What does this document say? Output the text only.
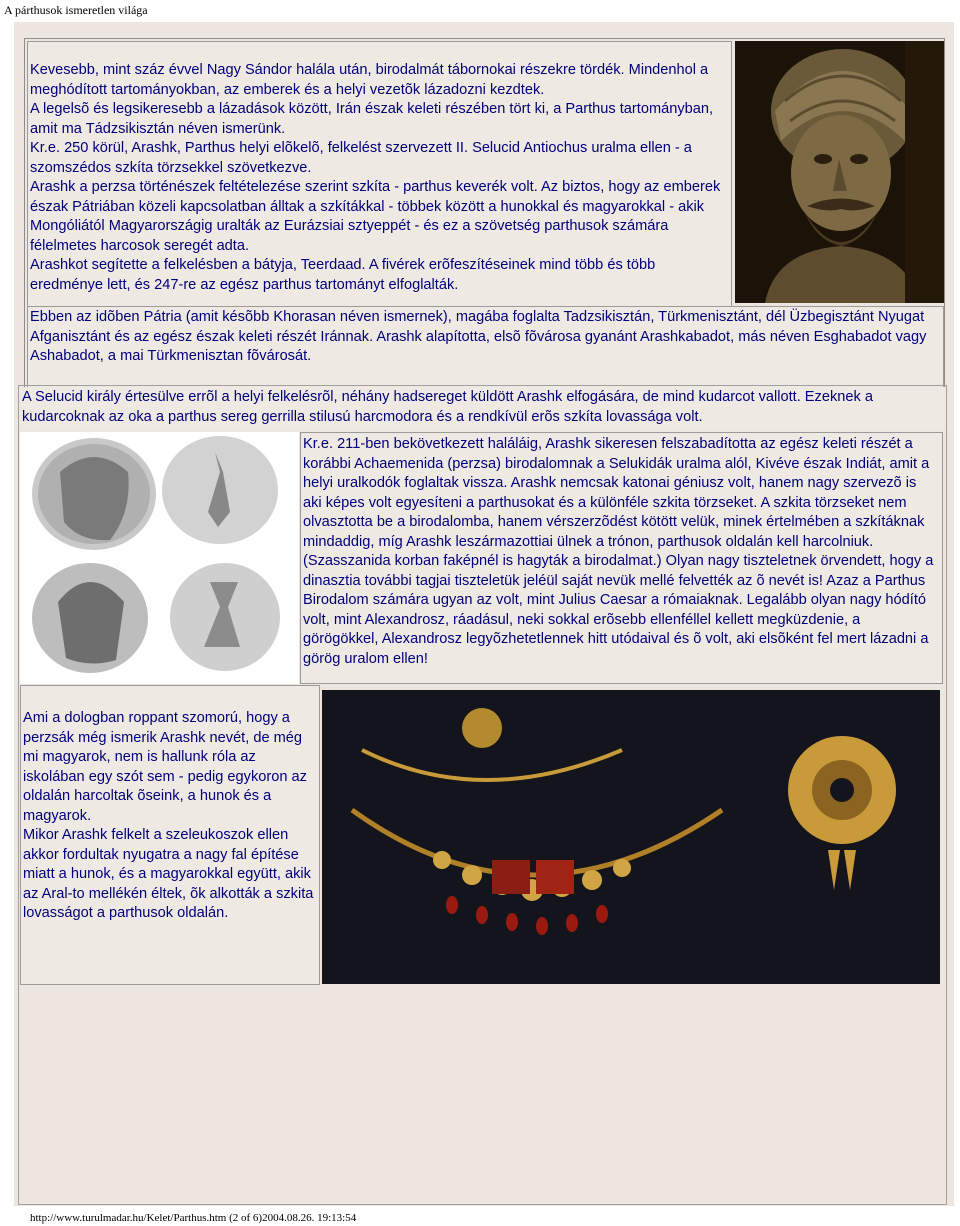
A párthusok ismeretlen világa

Kevesebb, mint száz évvel Nagy Sándor halála után, birodalmát tábornokai részekre tördék. Mindenhol a meghódított tartományokban, az emberek és a helyi vezetõk lázadozni kezdtek.

A legelsõ és legsikeresebb a lázadások között, Irán észak keleti részében tört ki, a Parthus tartományban, amit ma Tádzsikisztán néven ismerünk.

Kr.e. 250 körül, Arashk, Parthus helyi elõkelõ, felkelést szervezett II. Selucid Antiochus uralma ellen - a szomszédos szkíta törzsekkel szövetkezve.

Arashk a perzsa történészek feltételezése szerint szkíta - parthus keverék volt. Az biztos, hogy az emberek észak Pátriában közeli kapcsolatban álltak a szkítákkal - többek között a hunokkal és magyarokkal - akik Mongóliától Magyarországig uralták az Eurázsiai sztyeppét - és ez a szövetség parthusok számára félelmetes harcosok seregét adta.

Arashkot segítette a felkelésben a bátyja, Teerdaad. A fivérek erõfeszítéseinek mind több és több eredménye lett, és 247-re az egész parthus tartományt elfoglalták.

Ebben az idõben Pátria (amit késõbb Khorasan néven ismernek), magába foglalta Tadzsikisztán, Türkmenisztánt, dél Üzbegisztánt Nyugat Afganisztánt és az egész észak keleti részét Iránnak. Arashk alapította, elsõ fõvárosa gyanánt Arashkabadot, más néven Esghabadot vagy Ashabadot, a mai Türkmenisztan fõvárosát.

A Selucid király értesülve errõl a helyi felkelésrõl, néhány hadsereget küldött Arashk elfogására, de mind kudarcot vallott. Ezeknek a kudarcoknak az oka a parthus sereg gerrilla stilusú harcmodora és a rendkívül erõs szkíta lovassága volt.

Kr.e. 211-ben bekövetkezett haláláig, Arashk sikeresen felszabadította az egész keleti részét a korábbi Achaemenida (perzsa) birodalomnak a Selukidák uralma alól, Kivéve észak Indiát, amit a helyi uralkodók foglaltak vissza. Arashk nemcsak katonai géniusz volt, hanem nagy szervezõ is aki képes volt egyesíteni a parthusokat és a különféle szkita törzseket. A szkita törzseket nem olvasztotta be a birodalomba, hanem vérszerzõdést kötött velük, minek értelmében a szkítáknak mindaddig, míg Arashk leszármazottiai ülnek a trónon, parthusok oldalán kell harcolniuk. (Szasszanida korban faképnél is hagyták a birodalmat.) Olyan nagy tiszteletnek örvendett, hogy a dinasztia további tagjai tiszteletük jeléül saját nevük mellé felvették az õ nevét is! Azaz a Parthus Birodalom számára ugyan az volt, mint Julius Caesar a rómaiaknak. Legalább olyan nagy hódító volt, mint Alexandrosz, ráadásul, neki sokkal erõsebb ellenféllel kellett megküzdenie, a görögökkel, Alexandrosz legyõzhetetlennek hitt utódaival és õ volt, aki elsõként fel mert lázadni a görög uralom ellen!

Ami a dologban roppant szomorú, hogy a perzsák még ismerik Arashk nevét, de még mi magyarok, nem is hallunk róla az iskolában egy szót sem - pedig egykoron az oldalán harcoltak õseink, a hunok és a magyarok.

Mikor Arashk felkelt a szeleukoszok ellen akkor fordultak nyugatra a nagy fal építése miatt a hunok, és a magyarokkal együtt, akik az Aral-to mellékén éltek, õk alkották a szkita lovasságot a parthusok oldalán.

http://www.turulmadar.hu/Kelet/Parthus.htm (2 of 6)2004.08.26. 19:13:54
